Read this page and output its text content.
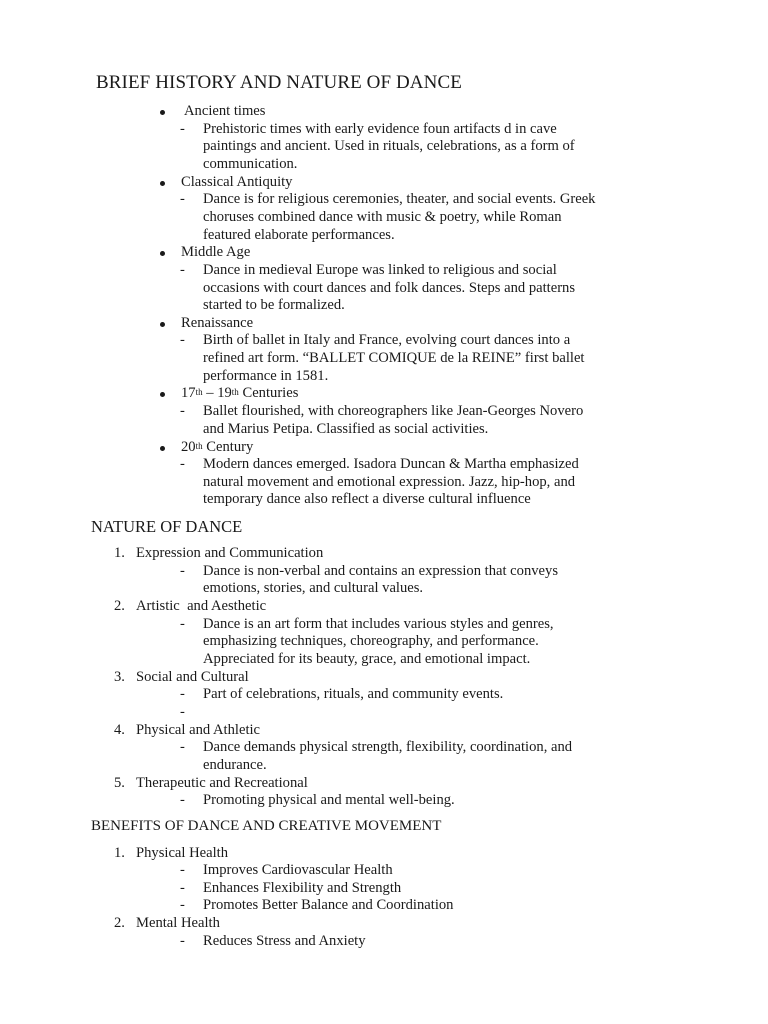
BRIEF HISTORY AND NATURE OF DANCE
Ancient times
- Prehistoric times with early evidence foun artifacts d in cave
paintings and ancient. Used in rituals, celebrations, as a form of
communication.
Classical Antiquity
- Dance is for religious ceremonies, theater, and social events. Greek
choruses combined dance with music & poetry, while Roman
featured elaborate performances.
Middle Age
- Dance in medieval Europe was linked to religious and social
occasions with court dances and folk dances. Steps and patterns
started to be formalized.
Renaissance
- Birth of ballet in Italy and France, evolving court dances into a
refined art form. “BALLET COMIQUE de la REINE” first ballet
performance in 1581.
17th – 19th Centuries
- Ballet flourished, with choreographers like Jean-Georges Novero
and Marius Petipa. Classified as social activities.
20th Century
- Modern dances emerged. Isadora Duncan & Martha emphasized
natural movement and emotional expression. Jazz, hip-hop, and
temporary dance also reflect a diverse cultural influence
NATURE OF DANCE
1. Expression and Communication
- Dance is non-verbal and contains an expression that conveys
emotions, stories, and cultural values.
2. Artistic  and Aesthetic
- Dance is an art form that includes various styles and genres,
emphasizing techniques, choreography, and performance.
Appreciated for its beauty, grace, and emotional impact.
3. Social and Cultural
- Part of celebrations, rituals, and community events.
-
4. Physical and Athletic
- Dance demands physical strength, flexibility, coordination, and
endurance.
5. Therapeutic and Recreational
- Promoting physical and mental well-being.
BENEFITS OF DANCE AND CREATIVE MOVEMENT
1. Physical Health
- Improves Cardiovascular Health
- Enhances Flexibility and Strength
- Promotes Better Balance and Coordination
2. Mental Health
- Reduces Stress and Anxiety
